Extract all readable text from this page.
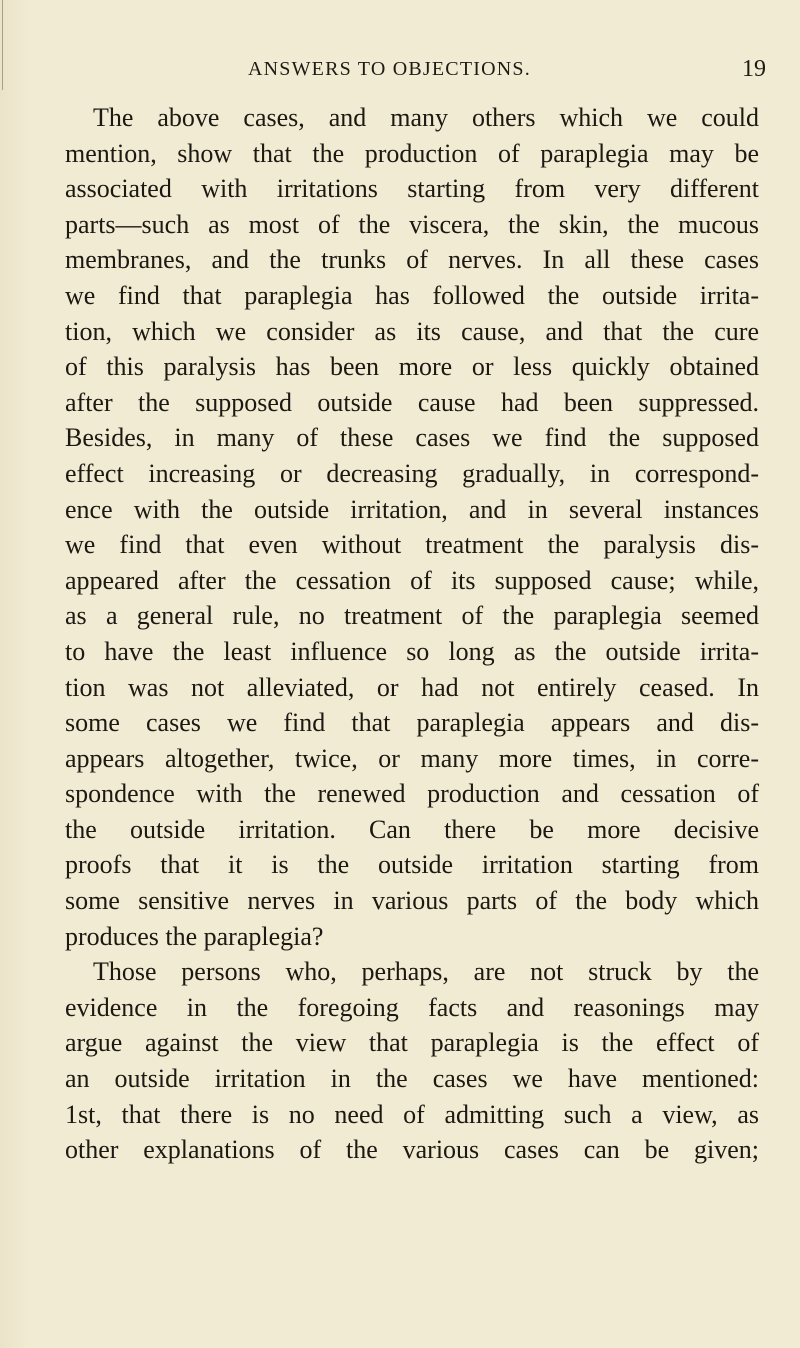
ANSWERS TO OBJECTIONS.	19
The above cases, and many others which we could
mention, show that the production of paraplegia may be
associated with irritations starting from very different
parts—such as most of the viscera, the skin, the mucous
membranes, and the trunks of nerves. In all these cases
we find that paraplegia has followed the outside irrita-
tion, which we consider as its cause, and that the cure
of this paralysis has been more or less quickly obtained
after the supposed outside cause had been suppressed.
Besides, in many of these cases we find the supposed
effect increasing or decreasing gradually, in correspond-
ence with the outside irritation, and in several instances
we find that even without treatment the paralysis dis-
appeared after the cessation of its supposed cause; while,
as a general rule, no treatment of the paraplegia seemed
to have the least influence so long as the outside irrita-
tion was not alleviated, or had not entirely ceased. In
some cases we find that paraplegia appears and dis-
appears altogether, twice, or many more times, in corre-
spondence with the renewed production and cessation of
the outside irritation. Can there be more decisive
proofs that it is the outside irritation starting from
some sensitive nerves in various parts of the body which
produces the paraplegia?
Those persons who, perhaps, are not struck by the
evidence in the foregoing facts and reasonings may
argue against the view that paraplegia is the effect of
an outside irritation in the cases we have mentioned:
1st, that there is no need of admitting such a view, as
other explanations of the various cases can be given;
